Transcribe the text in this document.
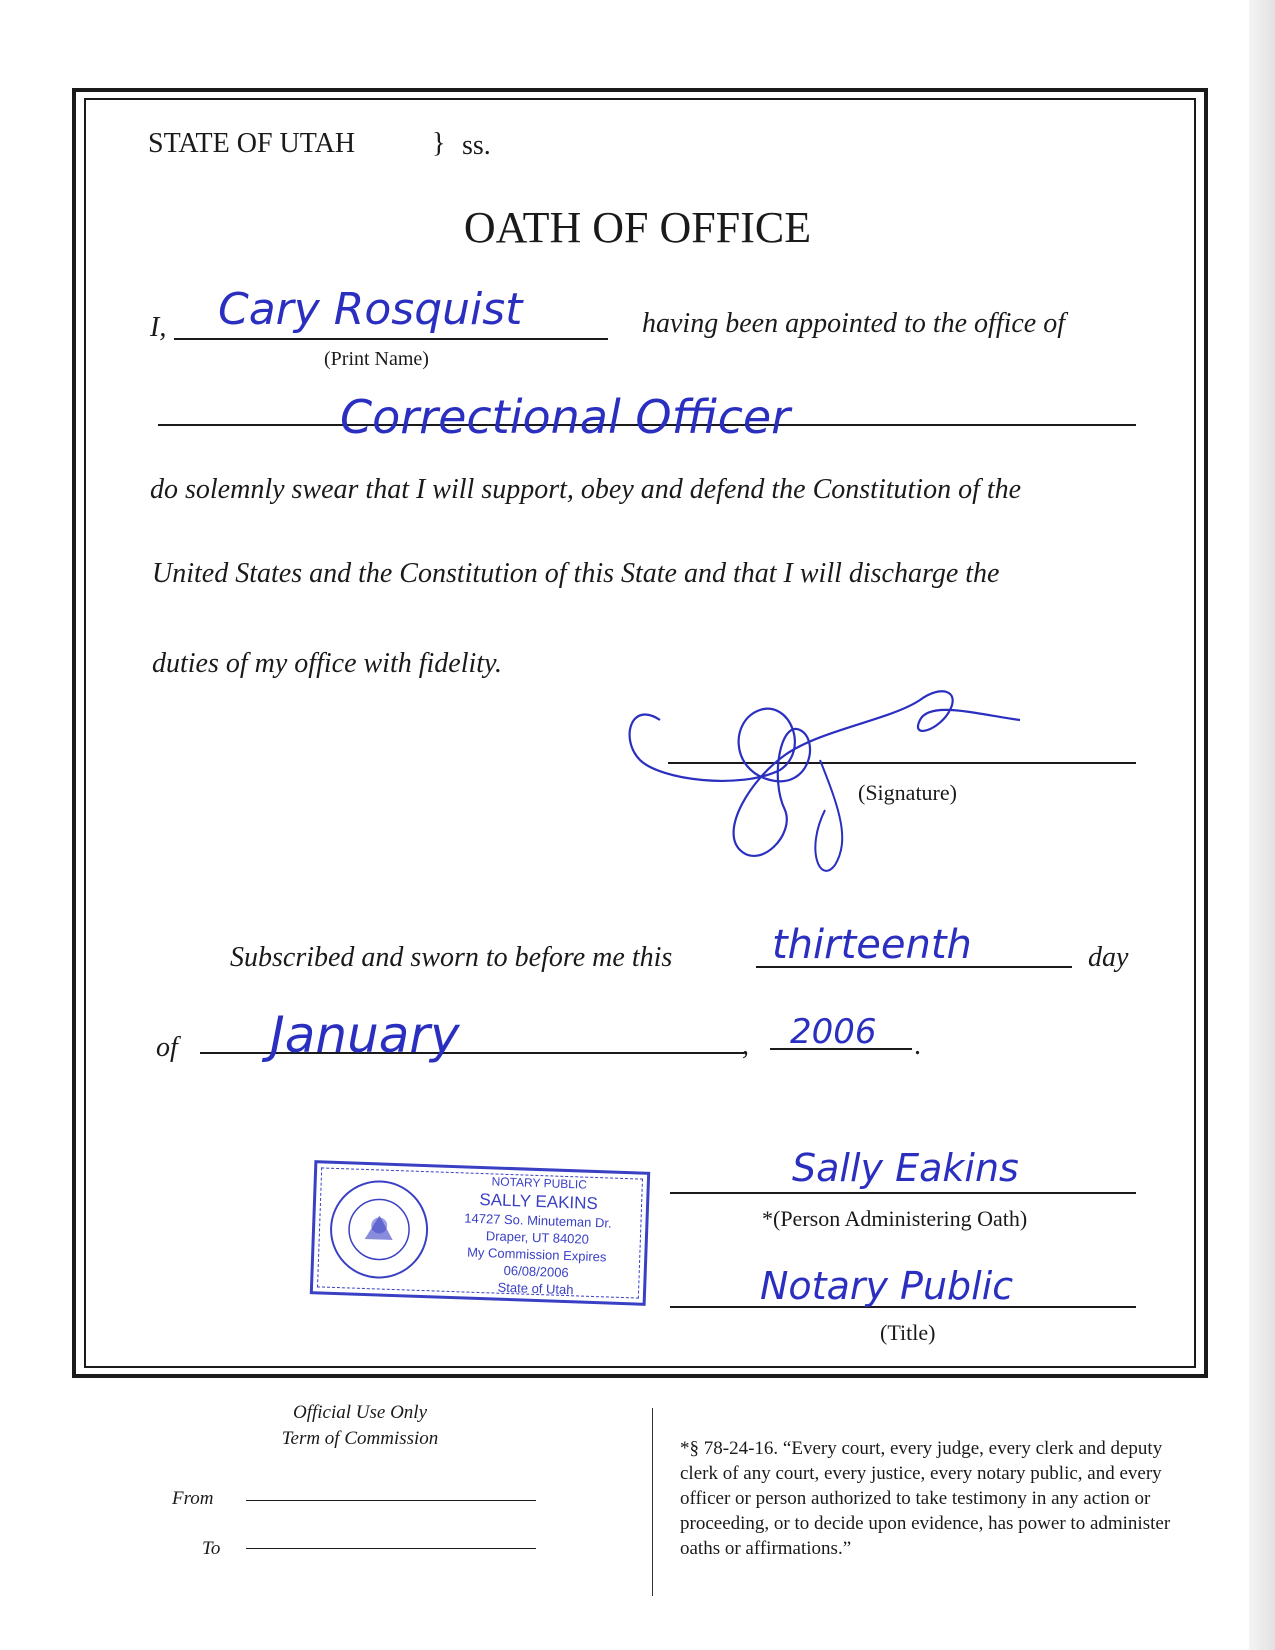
STATE OF UTAH	} ss.
OATH OF OFFICE
I, Cary Rosquist
(Print Name)
having been appointed to the office of
Correctional Officer
do solemnly swear that I will support, obey and defend the Constitution of the
United States and the Constitution of this State and that I will discharge the
duties of my office with fidelity.
(Signature)
Subscribed and sworn to before me this thirteenth	day
of January	, 2006 .
NOTARY PUBLIC
SALLY EAKINS
14727 So. Minuteman Dr.
Draper, UT 84020
My Commission Expires 06/08/2006
State of Utah
Sally Eakins
*(Person Administering Oath)
Notary Public
(Title)
Official Use Only
Term of Commission
From
To
*§ 78-24-16. “Every court, every judge, every clerk and deputy clerk of any court, every justice, every notary public, and every officer or person authorized to take testimony in any action or proceeding, or to decide upon evidence, has power to administer oaths or affirmations.”
